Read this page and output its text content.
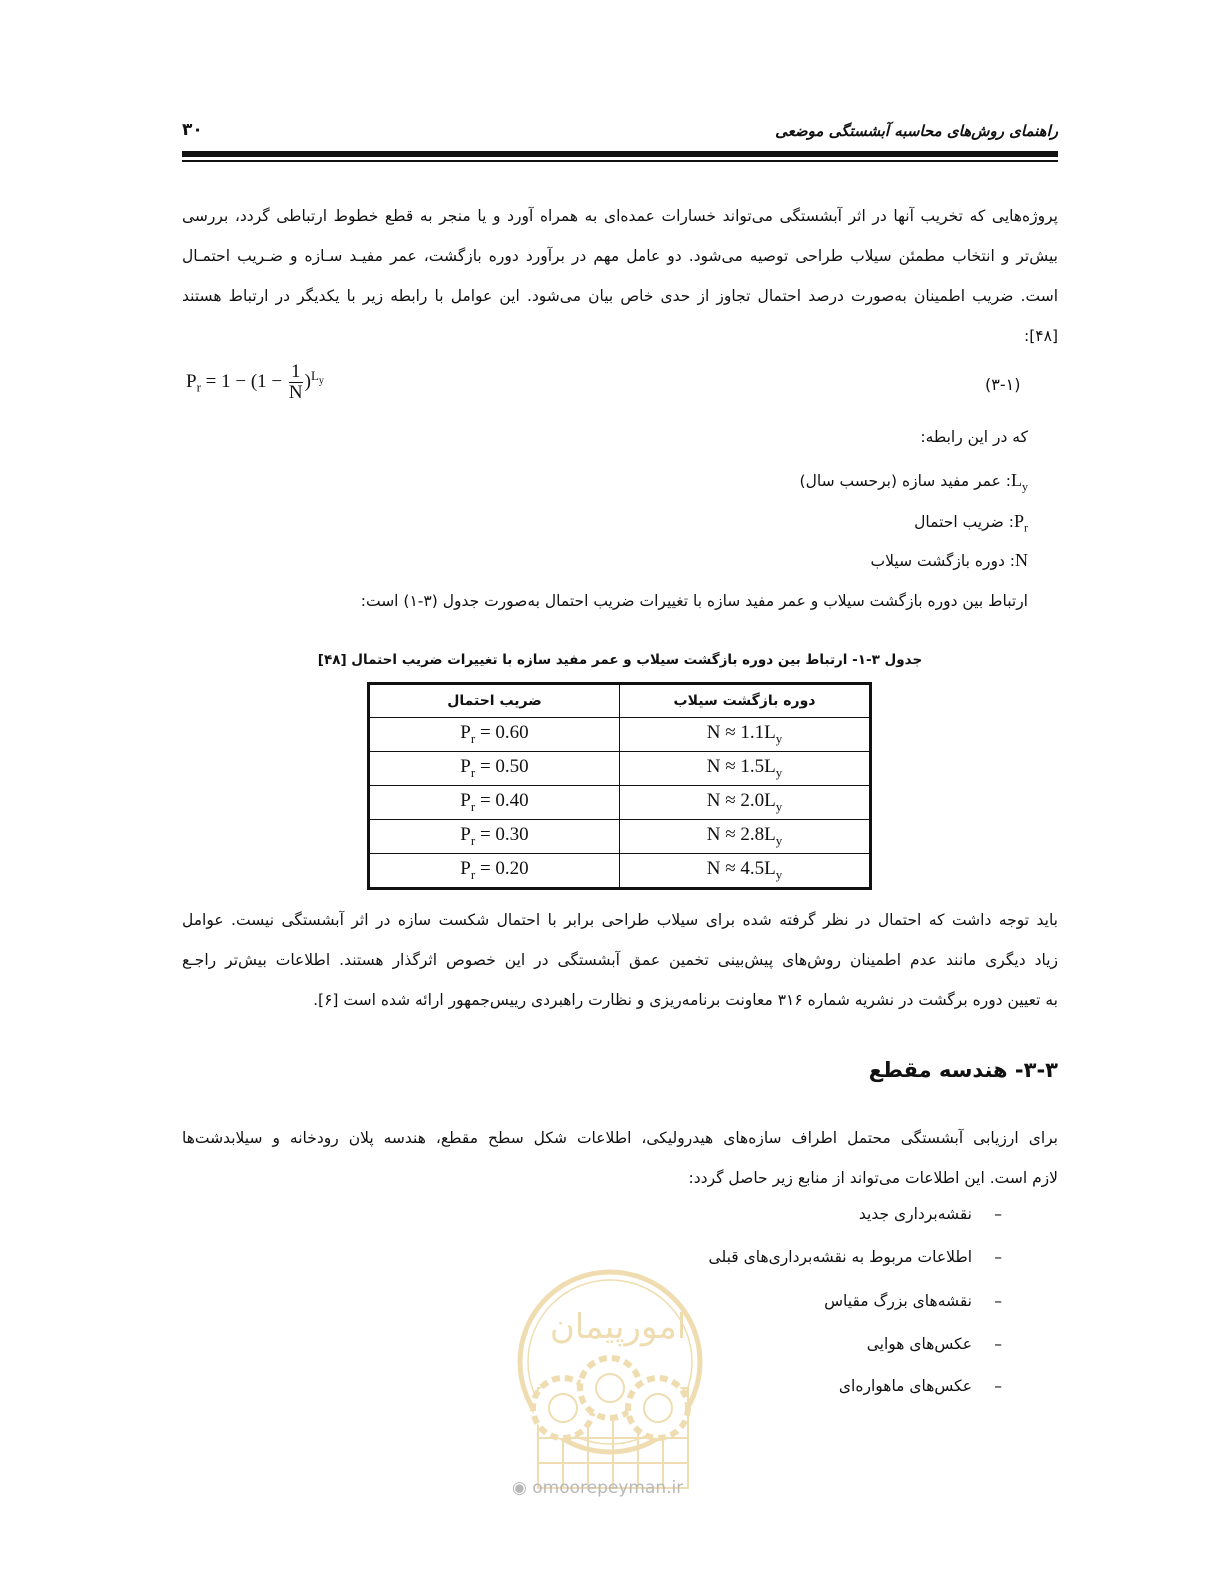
راهنمای روش‌های محاسبه آبشستگی موضعی
۳۰
پروژه‌هایی که تخریب آنها در اثر آبشستگی می‌تواند خسارات عمده‌ای به همراه آورد و یا منجر به قطع خطوط ارتباطی گردد، بررسی
بیش‌تر و انتخاب مطمئن سیلاب طراحی توصیه می‌شود. دو عامل مهم در برآورد دوره بازگشت، عمر مفیـد سـازه و ضـریب احتمـال
است. ضریب اطمینان به‌صورت درصد احتمال تجاوز از حدی خاص بیان می‌شود. این عوامل با رابطه زیر با یکدیگر در ارتباط هستند
[۴۸]:
$P_r = 1 - (1 - \frac{1}{N} )^{L_y}$	(۳-۱)
که در این رابطه:
$L_y$: عمر مفید سازه (برحسب سال)
$P_r$: ضریب احتمال
N: دوره بازگشت سیلاب
ارتباط بین دوره بازگشت سیلاب و عمر مفید سازه با تغییرات ضریب احتمال به‌صورت جدول (۳-۱) است:
جدول ۳-۱- ارتباط بین دوره بازگشت سیلاب و عمر مفید سازه با تغییرات ضریب احتمال [۴۸]
ضریب احتمال	دوره بازگشت سیلاب
$P_r = 0.60$	$N \approx 1.1L_y$
$P_r = 0.50$	$N \approx 1.5L_y$
$P_r = 0.40$	$N \approx 2.0L_y$
$P_r = 0.30$	$N \approx 2.8L_y$
$P_r = 0.20$	$N \approx 4.5L_y$
باید توجه داشت که احتمال در نظر گرفته شده برای سیلاب طراحی برابر با احتمال شکست سازه در اثر آبشستگی نیست. عوامل
زیاد دیگری مانند عدم اطمینان روش‌های پیش‌بینی تخمین عمق آبشستگی در این خصوص اثرگذار هستند. اطلاعات بیش‌تر راجـع
به تعیین دوره برگشت در نشریه شماره ۳۱۶ معاونت برنامه‌ریزی و نظارت راهبردی رییس‌جمهور ارائه شده است [۶].
۳-۳- هندسه مقطع
برای ارزیابی آبشستگی محتمل اطراف سازه‌های هیدرولیکی، اطلاعات شکل سطح مقطع، هندسه پلان رودخانه و سیلابدشت‌ها
لازم است. این اطلاعات می‌تواند از منابع زیر حاصل گردد:
–نقشه‌برداری جدید
–اطلاعات مربوط به نقشه‌برداری‌های قبلی
–نقشه‌های بزرگ مقیاس
–عکس‌های هوایی
–عکس‌های ماهواره‌ای
امورپیمان
◉ omoorepeyman.ir
